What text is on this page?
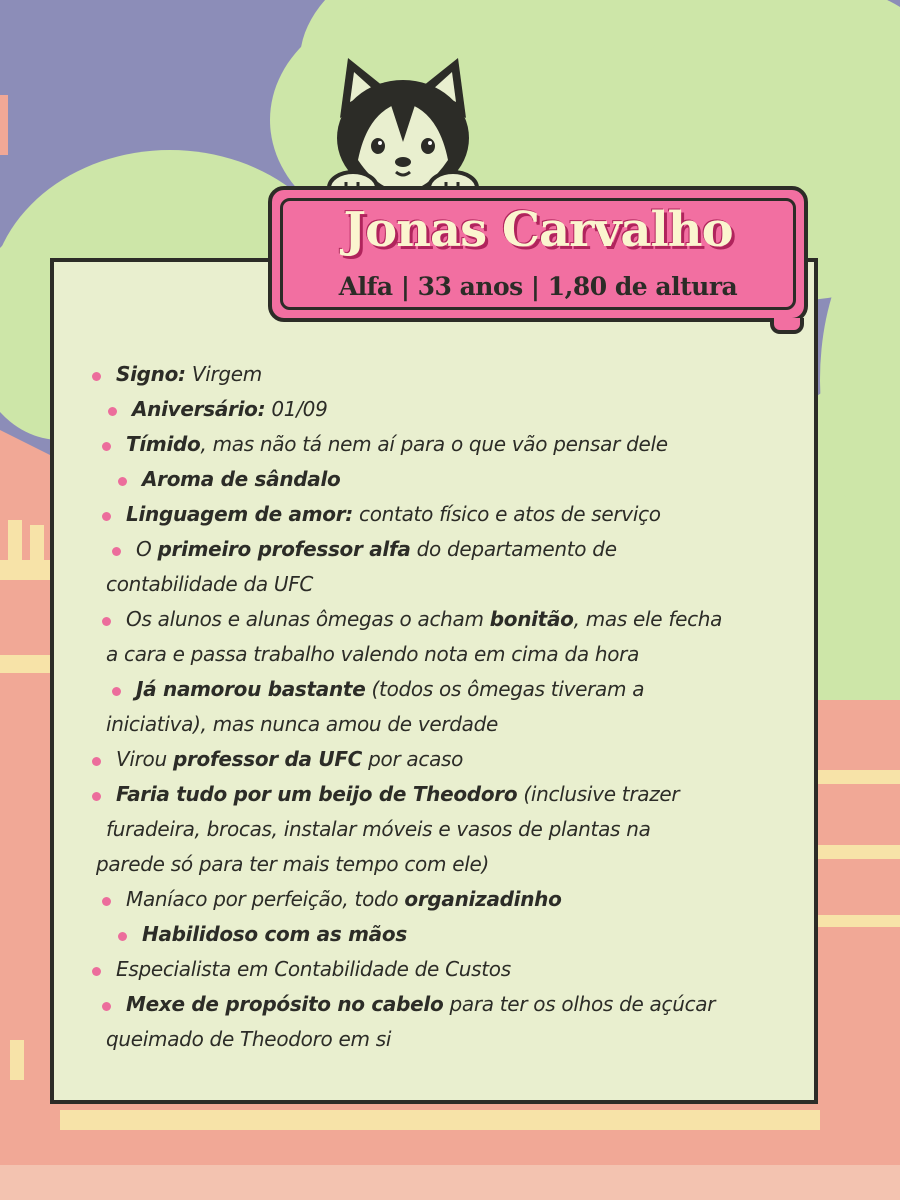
Jonas Carvalho
Alfa | 33 anos | 1,80 de altura
Signo: Virgem
Aniversário: 01/09
Tímido, mas não tá nem aí para o que vão pensar dele
Aroma de sândalo
Linguagem de amor: contato físico e atos de serviço
O primeiro professor alfa do departamento de
contabilidade da UFC
Os alunos e alunas ômegas o acham bonitão, mas ele fecha
a cara e passa trabalho valendo nota em cima da hora
Já namorou bastante (todos os ômegas tiveram a
iniciativa), mas nunca amou de verdade
Virou professor da UFC por acaso
Faria tudo por um beijo de Theodoro (inclusive trazer
furadeira, brocas, instalar móveis e vasos de plantas na
parede só para ter mais tempo com ele)
Maníaco por perfeição, todo organizadinho
Habilidoso com as mãos
Especialista em Contabilidade de Custos
Mexe de propósito no cabelo para ter os olhos de açúcar
queimado de Theodoro em si
